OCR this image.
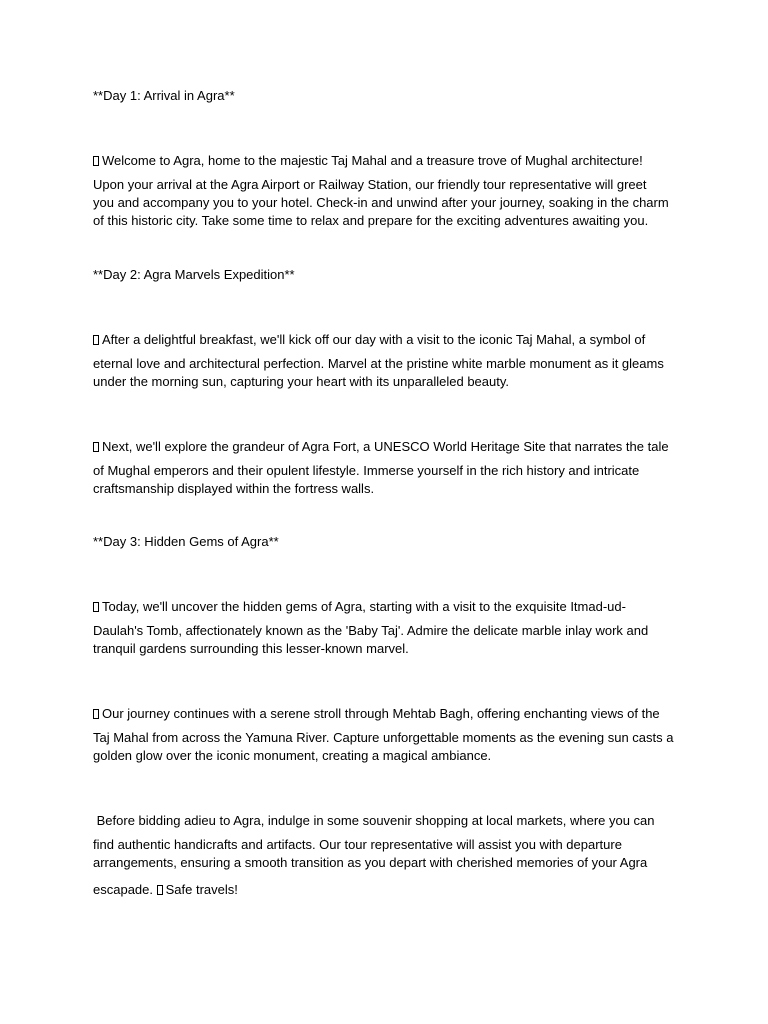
**Day 1: Arrival in Agra**

Welcome to Agra, home to the majestic Taj Mahal and a treasure trove of Mughal architecture!
Upon your arrival at the Agra Airport or Railway Station, our friendly tour representative will greet
you and accompany you to your hotel. Check-in and unwind after your journey, soaking in the charm
of this historic city. Take some time to relax and prepare for the exciting adventures awaiting you.

**Day 2: Agra Marvels Expedition**

After a delightful breakfast, we'll kick off our day with a visit to the iconic Taj Mahal, a symbol of
eternal love and architectural perfection. Marvel at the pristine white marble monument as it gleams
under the morning sun, capturing your heart with its unparalleled beauty.
Next, we'll explore the grandeur of Agra Fort, a UNESCO World Heritage Site that narrates the tale
of Mughal emperors and their opulent lifestyle. Immerse yourself in the rich history and intricate
craftsmanship displayed within the fortress walls.

**Day 3: Hidden Gems of Agra**

Today, we'll uncover the hidden gems of Agra, starting with a visit to the exquisite Itmad-ud-
Daulah's Tomb, affectionately known as the 'Baby Taj'. Admire the delicate marble inlay work and
tranquil gardens surrounding this lesser-known marvel.
Our journey continues with a serene stroll through Mehtab Bagh, offering enchanting views of the
Taj Mahal from across the Yamuna River. Capture unforgettable moments as the evening sun casts a
golden glow over the iconic monument, creating a magical ambiance.
Before bidding adieu to Agra, indulge in some souvenir shopping at local markets, where you can
find authentic handicrafts and artifacts. Our tour representative will assist you with departure
arrangements, ensuring a smooth transition as you depart with cherished memories of your Agra
escapade. Safe travels!
